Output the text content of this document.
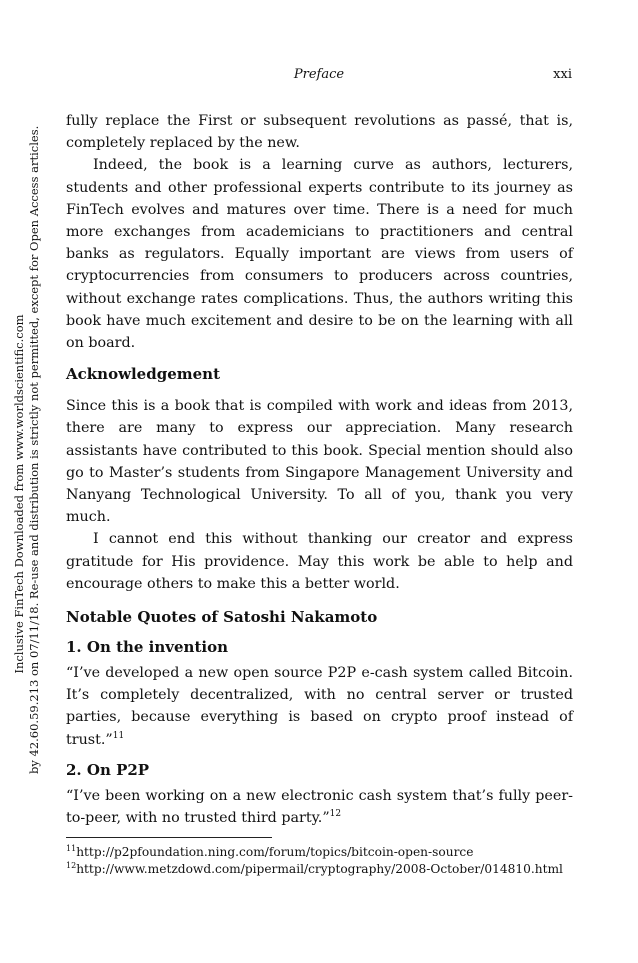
Preface	xxi
Inclusive FinTech Downloaded from www.worldscientific.com by 42.60.59.213 on 07/11/18. Re-use and distribution is strictly not permitted, except for Open Access articles.

fully replace the First or subsequent revolutions as passé, that is, completely replaced by the new.

Indeed, the book is a learning curve as authors, lecturers, students and other professional experts contribute to its journey as FinTech evolves and matures over time. There is a need for much more exchanges from academicians to practitioners and central banks as regulators. Equally important are views from users of cryptocurrencies from consumers to producers across countries, without exchange rates complications. Thus, the authors writing this book have much excitement and desire to be on the learning with all on board.

Acknowledgement

Since this is a book that is compiled with work and ideas from 2013, there are many to express our appreciation. Many research assistants have contributed to this book. Special mention should also go to Master’s students from Singapore Management University and Nanyang Technological University. To all of you, thank you very much.

I cannot end this without thanking our creator and express gratitude for His providence. May this work be able to help and encourage others to make this a better world.

Notable Quotes of Satoshi Nakamoto
1. On the invention

“I’ve developed a new open source P2P e-cash system called Bitcoin. It’s completely decentralized, with no central server or trusted parties, because everything is based on crypto proof instead of trust.”$^{11}$

2. On P2P

“I’ve been working on a new electronic cash system that’s fully peer-to-peer, with no trusted third party.”$^{12}$

$^{11}$http://p2pfoundation.ning.com/forum/topics/bitcoin-open-source
$^{12}$http://www.metzdowd.com/pipermail/cryptography/2008-October/014810.html
